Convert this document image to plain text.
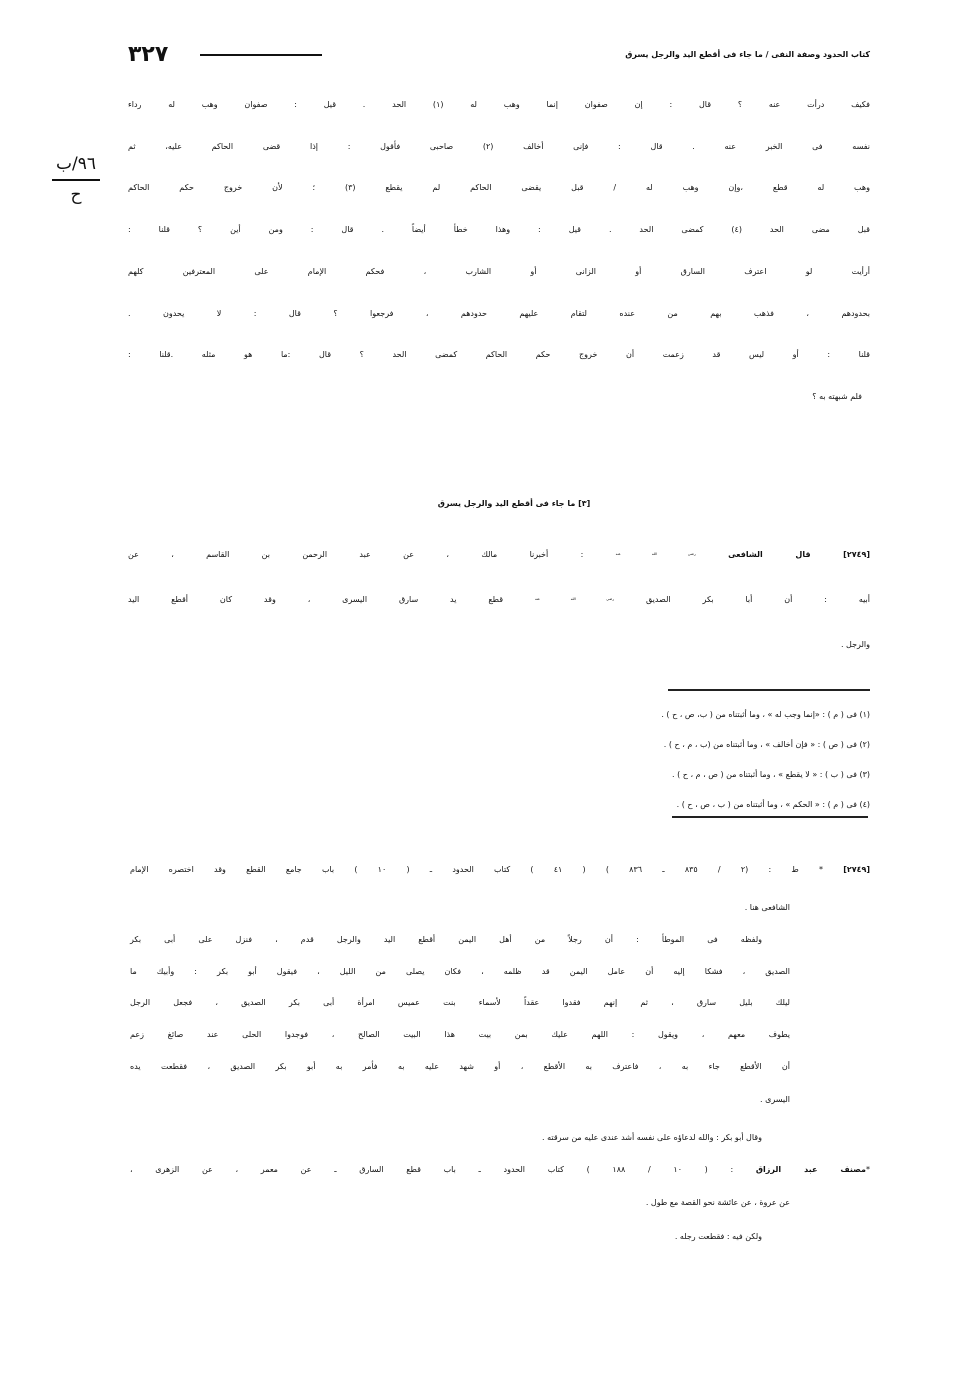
كتاب الحدود وصفة النفى / ما جاء فى أقطع اليد والرجل يسرق
٣٢٧
٩٦/ب
ح
فكيف درأت عنه ؟ قال : إن صفوان إنما وهب له (١) الحد . قيل : صفوان وهب له رداء
نفسه فى الخبر عنه . قال : فإنى أخالف (٢) صاحبى فأقول : إذا قضى الحاكم عليه، ثم
وهب له قطع ،وإن وهب له / قبل يقضى الحاكم لم يقطع (٣) ؛ لأن خروج حكم الحاكم
قبل مضى الحد (٤) كمضى الحد . قيل : وهذا خطأ أيضاً . قال : ومن أين ؟ قلنا :
أرأيت لو اعترف السارق أو الزانى أو الشارب ، فحكم الإمام على المعترفين كلهم
بحدودهم ، فذهب بهم من عنده لتقام عليهم حدودهم ، فرجعوا ؟ قال : لا يحدون .
قلنا : أو ليس قد زعمت أن خروج حكم الحاكم كمضى الحد ؟ قال :ما هو مثله .قلنا :
فلم شبهته به ؟
[٣] ما جاء فى أقطع اليد والرجل يسرق
[٢٧٤٩] قال الشافعى $^{رضي الله عنه}$ : أخبرنا مالك ، عن عبد الرحمن بن القاسم ، عن
أبيه : أن أبا بكر الصديق $^{رضي الله عنه}$ قطع يد سارق اليسرى ، وقد كان أقطع اليد
والرجل .
(١) فى ( م ) : «إنما وجب له » ، وما أثبتناه من ( ب، ص ، ح ) .
(٢) فى ( ص ) : « فإن أخالف » ، وما أثبتناه من (ب ، م ، ح ) .
(٣) فى ( ب ) : « لا يقطع » ، وما أثبتناه من ( ص ، م ، ح ) .
(٤) فى ( م ) : « الحكم » ، وما أثبتناه من ( ب ، ص ، ح ) .
[٢٧٤٩] * ط : (٢ / ٨٣٥ ـ ٨٣٦ ) ( ٤١ ) كتاب الحدود ـ ( ١٠ ) باب جامع القطع وقد اختصره الإمام
الشافعى هنا .
ولفظه فى الموطأ : أن رجلاً من أهل اليمن أقطع اليد والرجل قدم ، فنزل على أبى بكر
الصديق ، فشكا إليه أن عامل اليمن قد ظلمه ، فكان يصلى من الليل ، فيقول أبو بكر : وأبيك ما
ليلك بليل سارق ، ثم إنهم فقدوا عقداً لأسماء بنت عميس امرأة أبى بكر الصديق ، فجعل الرجل
يطوف معهم ، ويقول : اللهم عليك بمن بيت هذا البيت الصالح ، فوجدوا الحلى عند صائغ زعم
أن الأقطع جاء به ، فاعترف به الأقطع ، أو شهد عليه به فأمر به أبو بكر الصديق ، فقطعت يده
اليسرى .
وقال أبو بكر : والله لدعاؤه على نفسه أشد عندى عليه من سرقته .
*مصنف عبد الرزاق : ( ١٠ / ١٨٨ ) كتاب الحدود ـ باب قطع السارق ـ عن معمر ، عن الزهرى ،
عن عروة ، عن عائشة نحو القصة مع طول .
ولكن فيه : فقطعت رجله .
